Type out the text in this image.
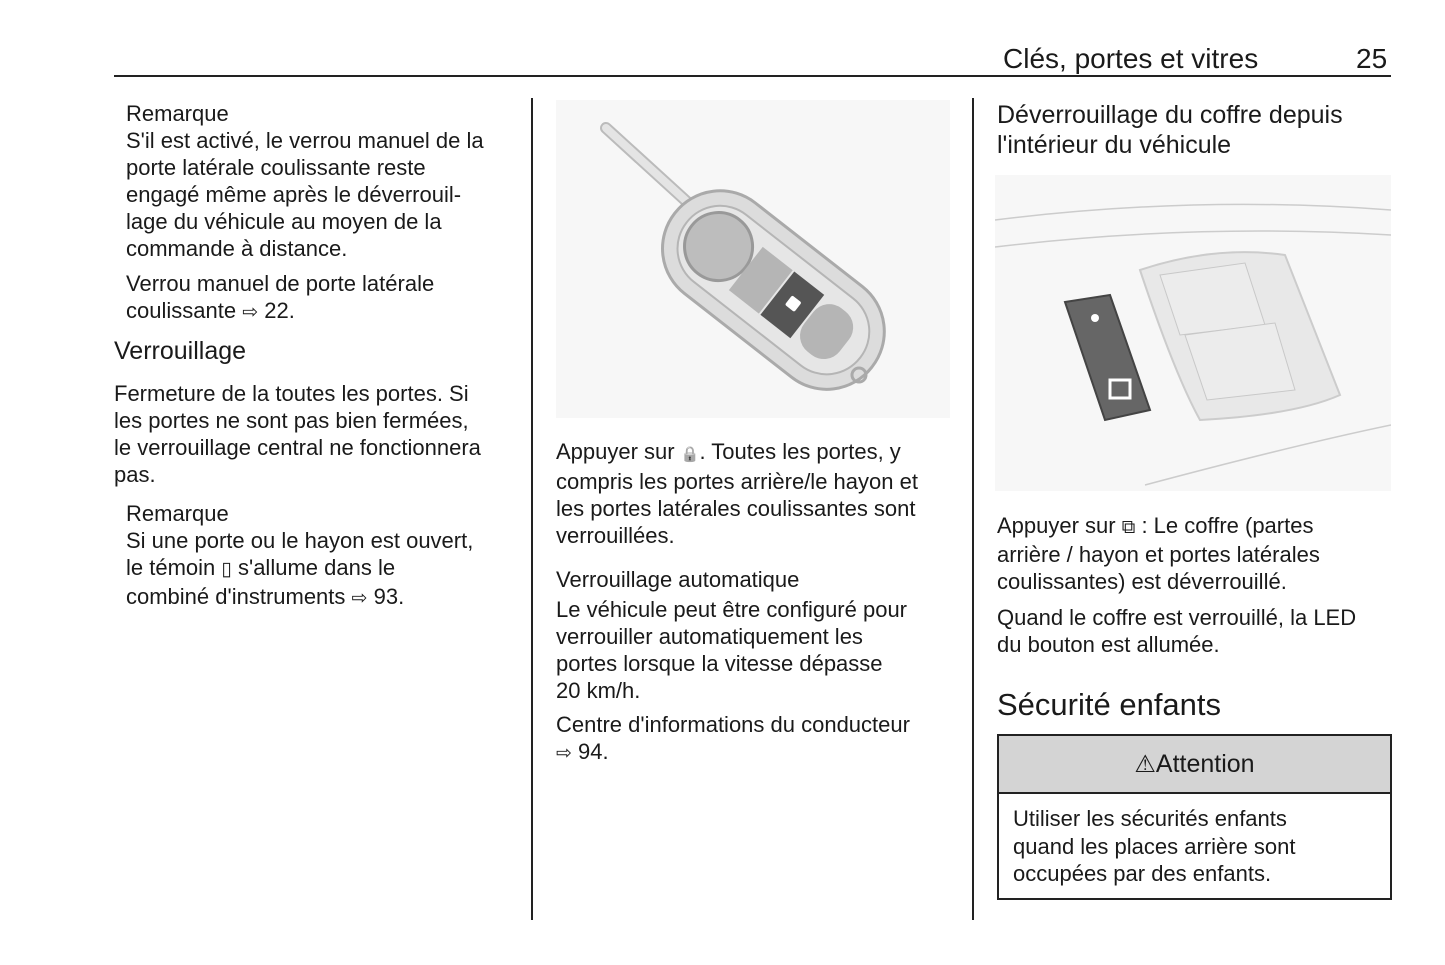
Clés, portes et vitres	25
Remarque
S'il est activé, le verrou manuel de la
porte latérale coulissante reste
engagé même après le déverrouil-
lage du véhicule au moyen de la
commande à distance.
Verrou manuel de porte latérale
coulissante ⇨ 22.
Verrouillage
Fermeture de la toutes les portes. Si
les portes ne sont pas bien fermées,
le verrouillage central ne fonctionnera
pas.
Remarque
Si une porte ou le hayon est ouvert,
le témoin ▯ s'allume dans le
combiné d'instruments ⇨ 93.
Appuyer sur 🔒. Toutes les portes, y
compris les portes arrière/le hayon et
les portes latérales coulissantes sont
verrouillées.
Verrouillage automatique
Le véhicule peut être configuré pour
verrouiller automatiquement les
portes lorsque la vitesse dépasse
20 km/h.
Centre d'informations du conducteur
⇨ 94.
Déverrouillage du coffre depuis
l'intérieur du véhicule
Appuyer sur ⧉ : Le coffre (partes
arrière / hayon et portes latérales
coulissantes) est déverrouillé.
Quand le coffre est verrouillé, la LED
du bouton est allumée.
Sécurité enfants
⚠ Attention
Utiliser les sécurités enfants
quand les places arrière sont
occupées par des enfants.
